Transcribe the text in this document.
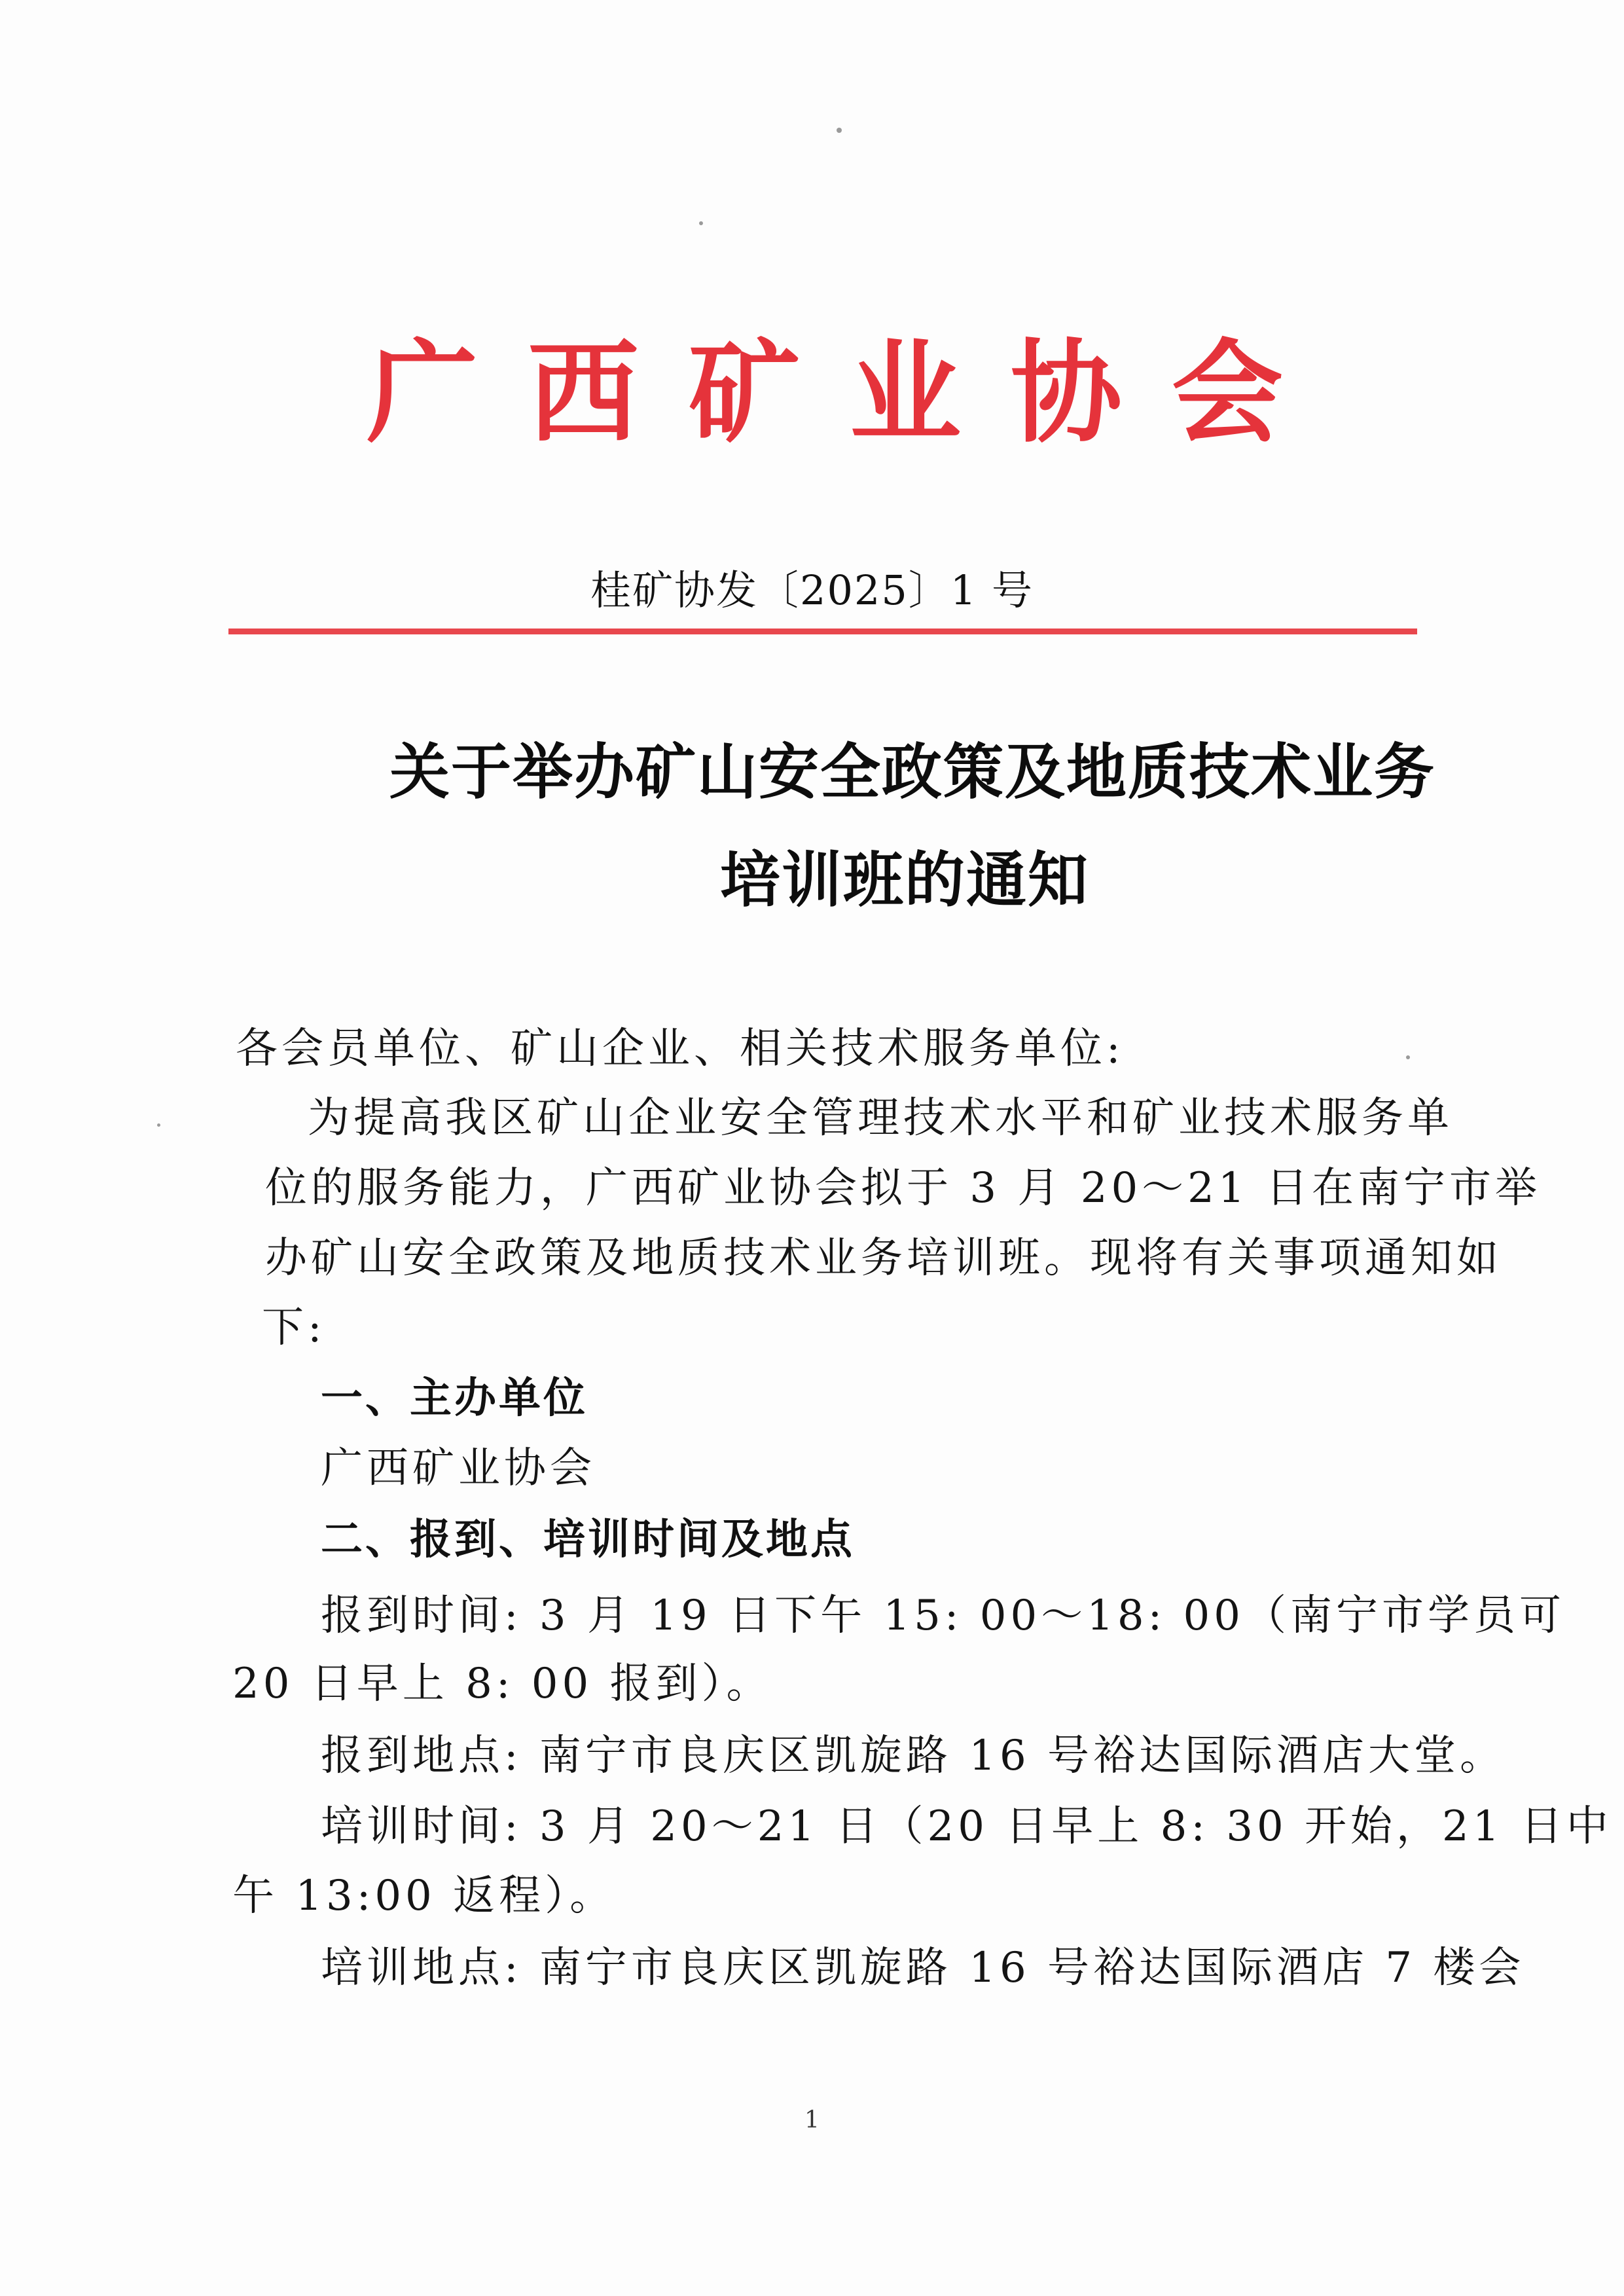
广 西 矿 业 协 会
桂矿协发〔2025〕1 号
关于举办矿山安全政策及地质技术业务
培训班的通知
各会员单位、矿山企业、相关技术服务单位:
为提高我区矿山企业安全管理技术水平和矿业技术服务单
位的服务能力，广西矿业协会拟于 3 月 20～21 日在南宁市举
办矿山安全政策及地质技术业务培训班。现将有关事项通知如
下:
一、主办单位
广西矿业协会
二、报到、培训时间及地点
报到时间: 3 月 19 日下午 15: 00～18: 00（南宁市学员可
20 日早上 8: 00 报到）。
报到地点: 南宁市良庆区凯旋路 16 号裕达国际酒店大堂。
培训时间: 3 月 20～21 日（20 日早上 8: 30 开始，21 日中
午 13:00 返程）。
培训地点: 南宁市良庆区凯旋路 16 号裕达国际酒店 7 楼会
1
